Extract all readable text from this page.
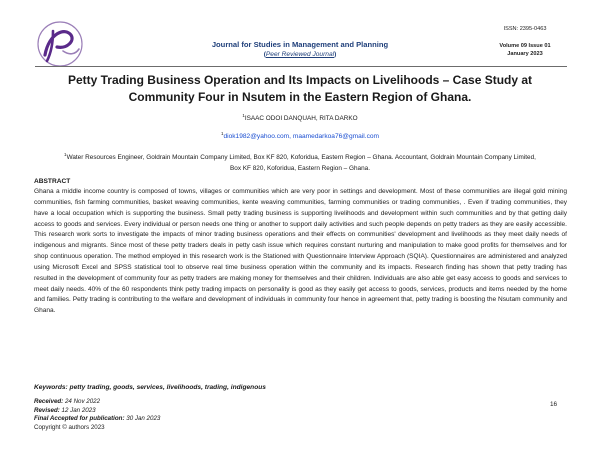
Journal for Studies in Management and Planning
(Peer Reviewed Journal)
ISSN: 2395-0463
Volume 09 Issue 01
January 2023
Petty Trading Business Operation and Its Impacts on Livelihoods – Case Study at Community Four in Nsutem in the Eastern Region of Ghana.
$^1$ISAAC ODOI DANQUAH, RITA DARKO
$^1$diok1982@yahoo.com, maamedarkoa76@gmail.com
$^1$Water Resources Engineer, Goldrain Mountain Company Limited, Box KF 820, Koforidua, Eastern Region – Ghana. Accountant, Goldrain Mountain Company Limited, Box KF 820, Koforidua, Eastern Region – Ghana.
ABSTRACT

Ghana a middle income country is composed of towns, villages or communities which are very poor in settings and development. Most of these communities are illegal gold mining communities, fish farming communities, basket weaving communities, kente weaving communities, farming communities or trading communities, . Even if trading communities, they have a local occupation which is supporting the business. Small petty trading business is supporting livelihoods and development within such communities and by that getting daily access to goods and services. Every individual or person needs one thing or another to support daily activities and such people depends on petty traders as they are easily accessible. This research work sorts to investigate the impacts of minor trading business operations and their effects on communities' development and livelihoods as they meet daily needs of indigenous and migrants. Since most of these petty traders deals in petty cash issue which requires constant nurturing and manipulation to make good profits for themselves and for shop continuous operation. The method employed in this research work is the Stationed with Questionnaire Interview Approach (SQIA). Questionnaires are administered and analyzed using Microsoft Excel and SPSS statistical tool to observe real time business operation within the community and its impacts. Research finding has shown that petty trading has resulted in the development of community four as petty traders are making money for themselves and their children. Individuals are also able get easy access to goods and services to meet daily needs. 40% of the 60 respondents think petty trading impacts on personality is good as they easily get access to goods, services, products and items needed by the home and families. Petty trading is contributing to the welfare and development of individuals in community four hence in agreement that, petty trading is boosting the Nsutam community and Ghana.

Keywords: petty trading, goods, services, livelihoods, trading, indigenous
Received: 24 Nov 2022
Revised: 12 Jan 2023
Final Accepted for publication: 30 Jan 2023
Copyright © authors 2023
16
